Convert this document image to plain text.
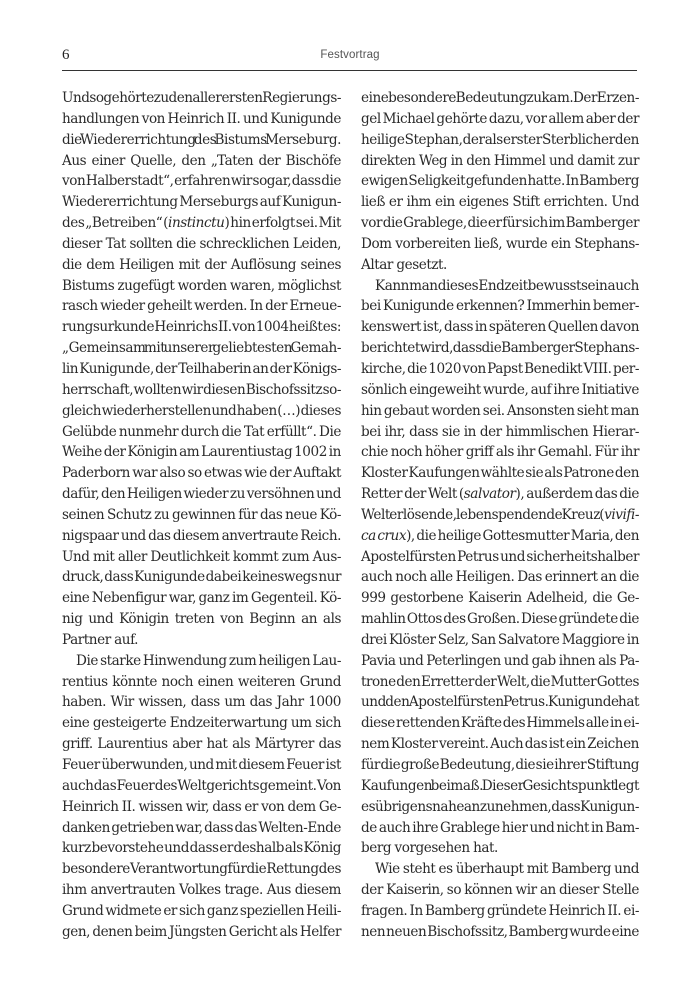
6	Festvortrag
Und so gehörte zu den allerersten Regierungs-
handlungen von Heinrich II. und Kunigunde
die Wiedererrichtung des Bistums Merseburg.
Aus einer Quelle, den „Taten der Bischöfe
von Halberstadt“, erfahren wir sogar, dass die
Wiedererrichtung Merseburgs auf Kunigun-
des „Betreiben“ (instinctu) hin erfolgt sei. Mit
dieser Tat sollten die schrecklichen Leiden,
die dem Heiligen mit der Auflösung seines
Bistums zugefügt worden waren, möglichst
rasch wieder geheilt werden. In der Erneue-
rungsurkunde Heinrichs II. von 1004 heißt es:
„Gemeinsam mit unserer geliebtesten Gemah-
lin Kunigunde, der Teilhaberin an der Königs-
herrschaft, wollten wir diesen Bischofssitz so-
gleich wiederherstellen und haben (…) dieses
Gelübde nunmehr durch die Tat erfüllt“. Die
Weihe der Königin am Laurentiustag 1002 in
Paderborn war also so etwas wie der Auftakt
dafür, den Heiligen wieder zu versöhnen und
seinen Schutz zu gewinnen für das neue Kö-
nigspaar und das diesem anvertraute Reich.
Und mit aller Deutlichkeit kommt zum Aus-
druck, dass Kunigunde dabei keineswegs nur
eine Nebenfigur war, ganz im Gegenteil. Kö-
nig und Königin treten von Beginn an als
Partner auf.
Die starke Hinwendung zum heiligen Lau-
rentius könnte noch einen weiteren Grund
haben. Wir wissen, dass um das Jahr 1000
eine gesteigerte Endzeiterwartung um sich
griff. Laurentius aber hat als Märtyrer das
Feuer überwunden, und mit diesem Feuer ist
auch das Feuer des Weltgerichts gemeint. Von
Heinrich II. wissen wir, dass er von dem Ge-
danken getrieben war, dass das Welten-Ende
kurz bevorstehe und dass er deshalb als König
besondere Verantwortung für die Rettung des
ihm anvertrauten Volkes trage. Aus diesem
Grund widmete er sich ganz speziellen Heili-
gen, denen beim Jüngsten Gericht als Helfer
eine besondere Bedeutung zukam. Der Erzen-
gel Michael gehörte dazu, vor allem aber der
heilige Stephan, der als erster Sterblicher den
direkten Weg in den Himmel und damit zur
ewigen Seligkeit gefunden hatte. In Bamberg
ließ er ihm ein eigenes Stift errichten. Und
vor die Grablege, die er für sich im Bamberger
Dom vorbereiten ließ, wurde ein Stephans-
Altar gesetzt.
Kann man dieses Endzeitbewusstsein auch
bei Kunigunde erkennen? Immerhin bemer-
kenswert ist, dass in späteren Quellen davon
berichtet wird, dass die Bamberger Stephans-
kirche, die 1020 von Papst Benedikt VIII. per-
sönlich eingeweiht wurde, auf ihre Initiative
hin gebaut worden sei. Ansonsten sieht man
bei ihr, dass sie in der himmlischen Hierar-
chie noch höher griff als ihr Gemahl. Für ihr
Kloster Kaufungen wählte sie als Patrone den
Retter der Welt (salvator), außerdem das die
Welt erlösende, lebenspendende Kreuz (vivifi-
ca crux), die heilige Gottesmutter Maria, den
Apostelfürsten Petrus und sicherheitshalber
auch noch alle Heiligen. Das erinnert an die
999 gestorbene Kaiserin Adelheid, die Ge-
mahlin Ottos des Großen. Diese gründete die
drei Klöster Selz, San Salvatore Maggiore in
Pavia und Peterlingen und gab ihnen als Pa-
trone den Erretter der Welt, die Mutter Gottes
und den Apostelfürsten Petrus. Kunigunde hat
diese rettenden Kräfte des Himmels alle in ei-
nem Kloster vereint. Auch das ist ein Zeichen
für die große Bedeutung, die sie ihrer Stiftung
Kaufungen beimaß. Dieser Gesichtspunkt legt
es übrigens nahe anzunehmen, dass Kunigun-
de auch ihre Grablege hier und nicht in Bam-
berg vorgesehen hat.
Wie steht es überhaupt mit Bamberg und
der Kaiserin, so können wir an dieser Stelle
fragen. In Bamberg gründete Heinrich II. ei-
nen neuen Bischofssitz, Bamberg wurde eine
